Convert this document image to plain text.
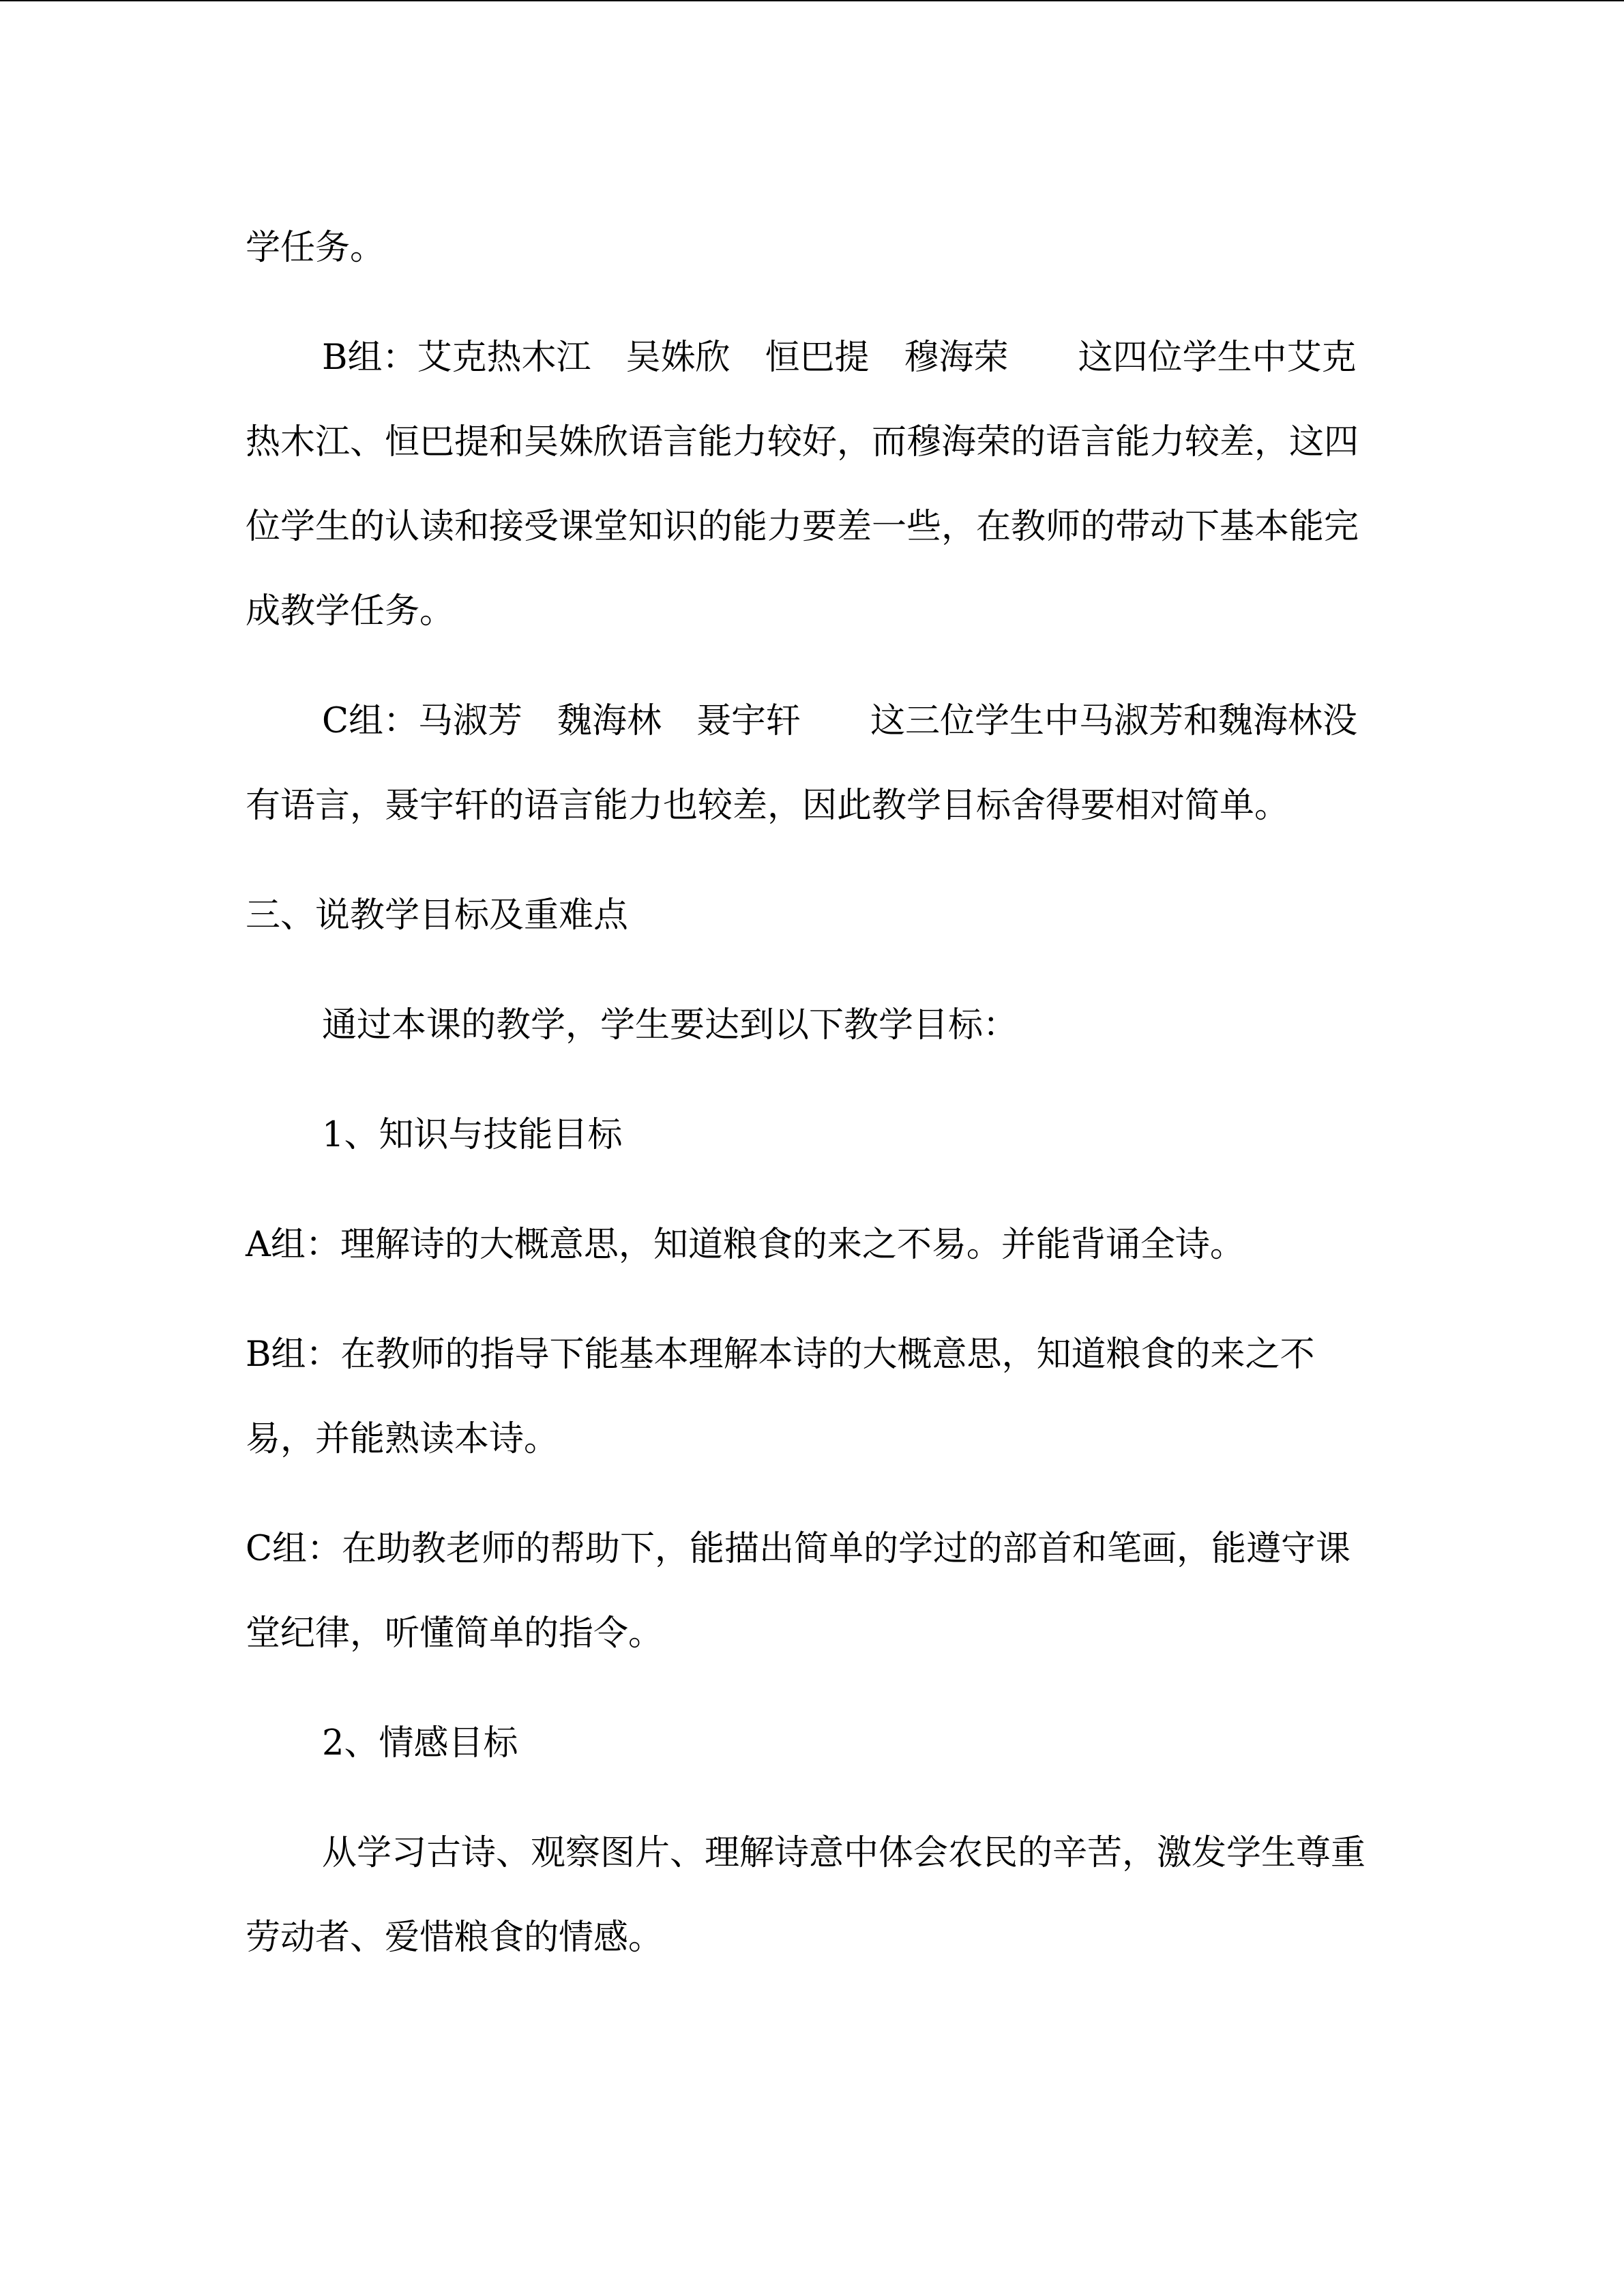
学任务。

B组：艾克热木江　吴姝欣　恒巴提　穆海荣　　这四位学生中艾克热木江、恒巴提和吴姝欣语言能力较好，而穆海荣的语言能力较差，这四位学生的认读和接受课堂知识的能力要差一些，在教师的带动下基本能完成教学任务。

C组：马淑芳　魏海林　聂宇轩　　这三位学生中马淑芳和魏海林没有语言，聂宇轩的语言能力也较差，因此教学目标舍得要相对简单。

三、说教学目标及重难点

通过本课的教学，学生要达到以下教学目标：

1、知识与技能目标

A组：理解诗的大概意思，知道粮食的来之不易。并能背诵全诗。

B组：在教师的指导下能基本理解本诗的大概意思，知道粮食的来之不易，并能熟读本诗。

C组：在助教老师的帮助下，能描出简单的学过的部首和笔画，能遵守课堂纪律，听懂简单的指令。

2、情感目标

从学习古诗、观察图片、理解诗意中体会农民的辛苦，激发学生尊重劳动者、爱惜粮食的情感。
